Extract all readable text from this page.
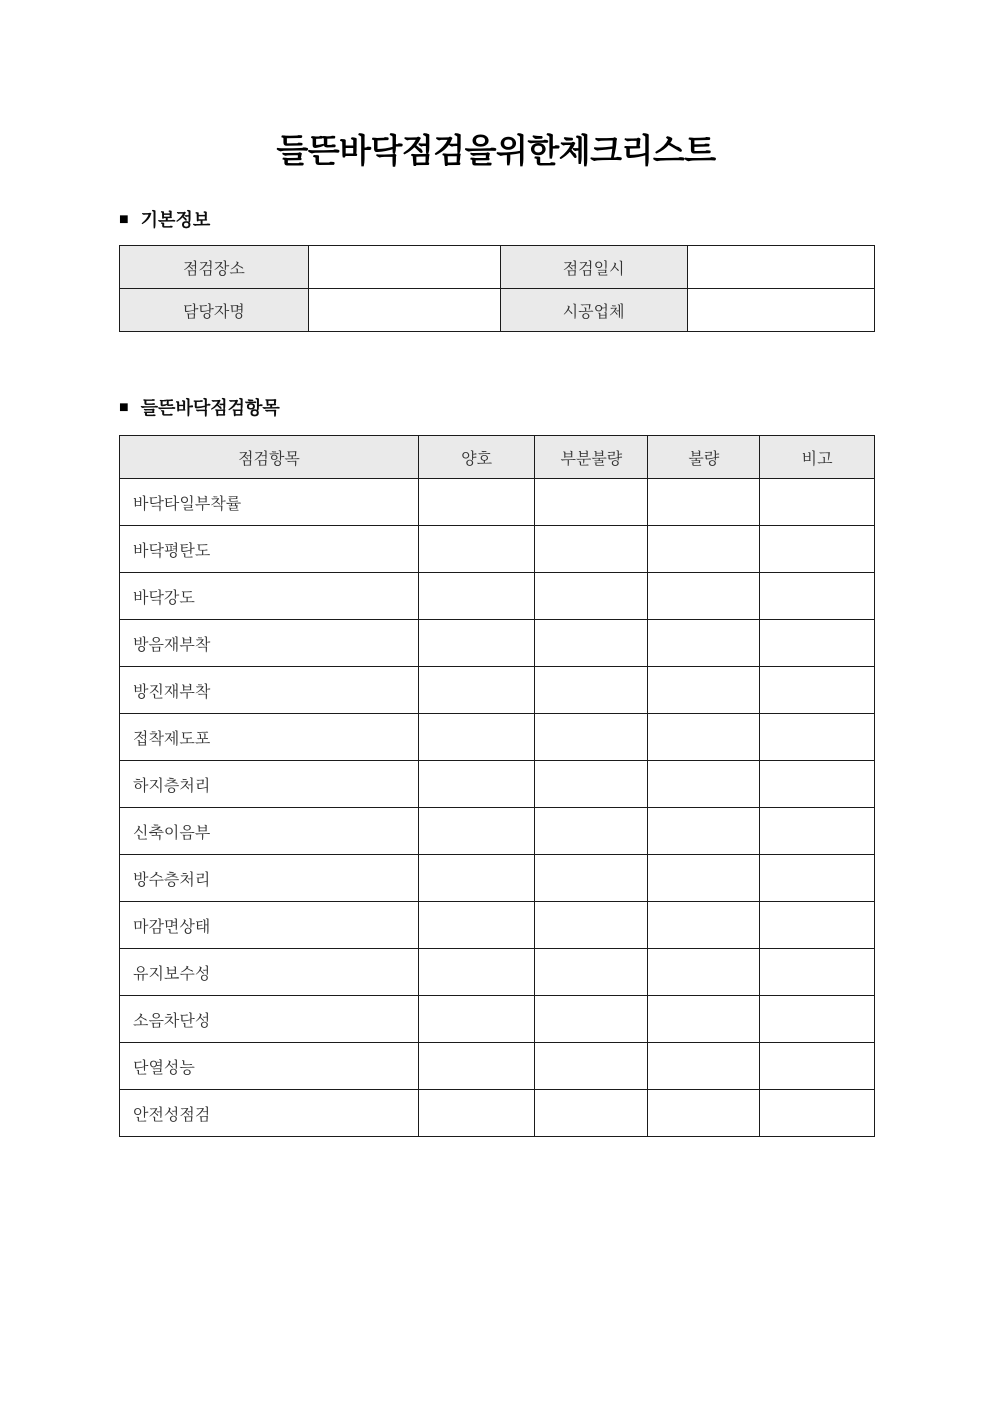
들뜬바닥점검을위한체크리스트
■ 기본정보
점검장소		점검일시	
담당자명		시공업체	
■ 들뜬바닥점검항목
점검항목	양호	부분불량	불량	비고
바닥타일부착률				
바닥평탄도				
바닥강도				
방음재부착				
방진재부착				
접착제도포				
하지층처리				
신축이음부				
방수층처리				
마감면상태				
유지보수성				
소음차단성				
단열성능				
안전성점검				
